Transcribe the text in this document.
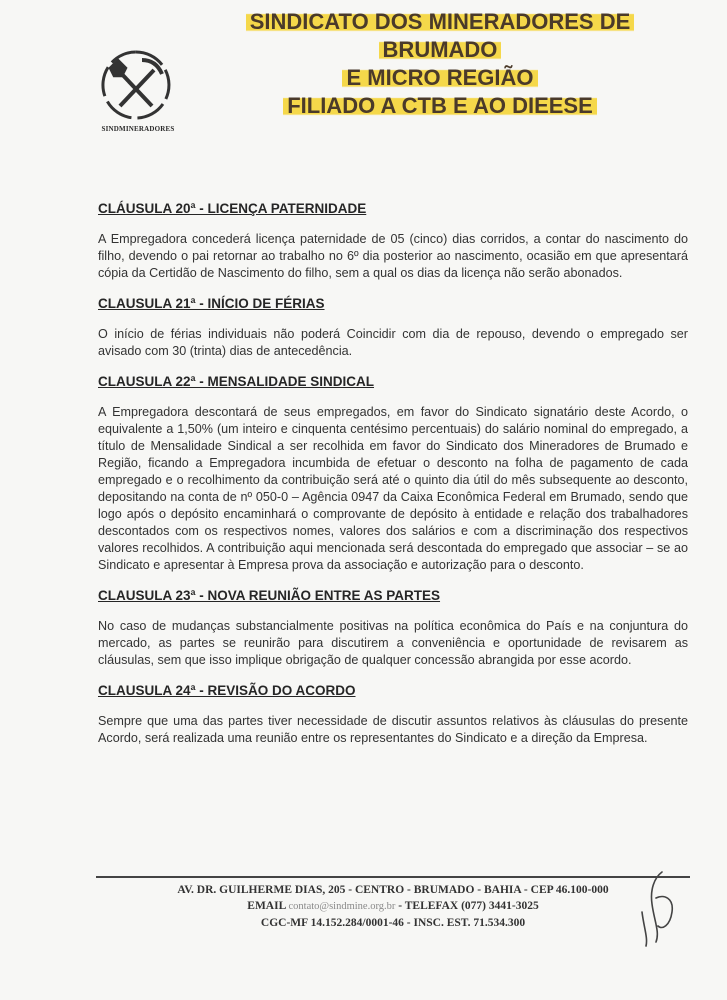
SINDMINERADORES
SINDICATO DOS MINERADORES DE
BRUMADO
E MICRO REGIÃO
FILIADO A CTB E AO DIEESE
CLÁUSULA 20ª - LICENÇA PATERNIDADE
A Empregadora concederá licença paternidade de 05 (cinco) dias corridos, a contar do nascimento do filho, devendo o pai retornar ao trabalho no 6º dia posterior ao nascimento, ocasião em que apresentará cópia da Certidão de Nascimento do filho, sem a qual os dias da licença não serão abonados.
CLAUSULA 21ª - INÍCIO DE FÉRIAS
O início de férias individuais não poderá Coincidir com dia de repouso, devendo o empregado ser avisado com 30 (trinta) dias de antecedência.
CLAUSULA 22ª - MENSALIDADE SINDICAL
A Empregadora descontará de seus empregados, em favor do Sindicato signatário deste Acordo, o equivalente a 1,50% (um inteiro e cinquenta centésimo percentuais) do salário nominal do empregado, a título de Mensalidade Sindical a ser recolhida em favor do Sindicato dos Mineradores de Brumado e Região, ficando a Empregadora incumbida de efetuar o desconto na folha de pagamento de cada empregado e o recolhimento da contribuição será até o quinto dia útil do mês subsequente ao desconto, depositando na conta de nº 050-0 – Agência 0947 da Caixa Econômica Federal em Brumado, sendo que logo após o depósito encaminhará o comprovante de depósito à entidade e relação dos trabalhadores descontados com os respectivos nomes, valores dos salários e com a discriminação dos respectivos valores recolhidos. A contribuição aqui mencionada será descontada do empregado que associar – se ao Sindicato e apresentar à Empresa prova da associação e autorização para o desconto.
CLAUSULA 23ª - NOVA REUNIÃO ENTRE AS PARTES
No caso de mudanças substancialmente positivas na política econômica do País e na conjuntura do mercado, as partes se reunirão para discutirem a conveniência e oportunidade de revisarem as cláusulas, sem que isso implique obrigação de qualquer concessão abrangida por esse acordo.
CLAUSULA 24ª - REVISÃO DO ACORDO
Sempre que uma das partes tiver necessidade de discutir assuntos relativos às cláusulas do presente Acordo, será realizada uma reunião entre os representantes do Sindicato e a direção da Empresa.
AV. DR. GUILHERME DIAS, 205 - CENTRO - BRUMADO - BAHIA - CEP 46.100-000
EMAIL contato@sindmine.org.br - TELEFAX (077) 3441-3025
CGC-MF 14.152.284/0001-46 - INSC. EST. 71.534.300
